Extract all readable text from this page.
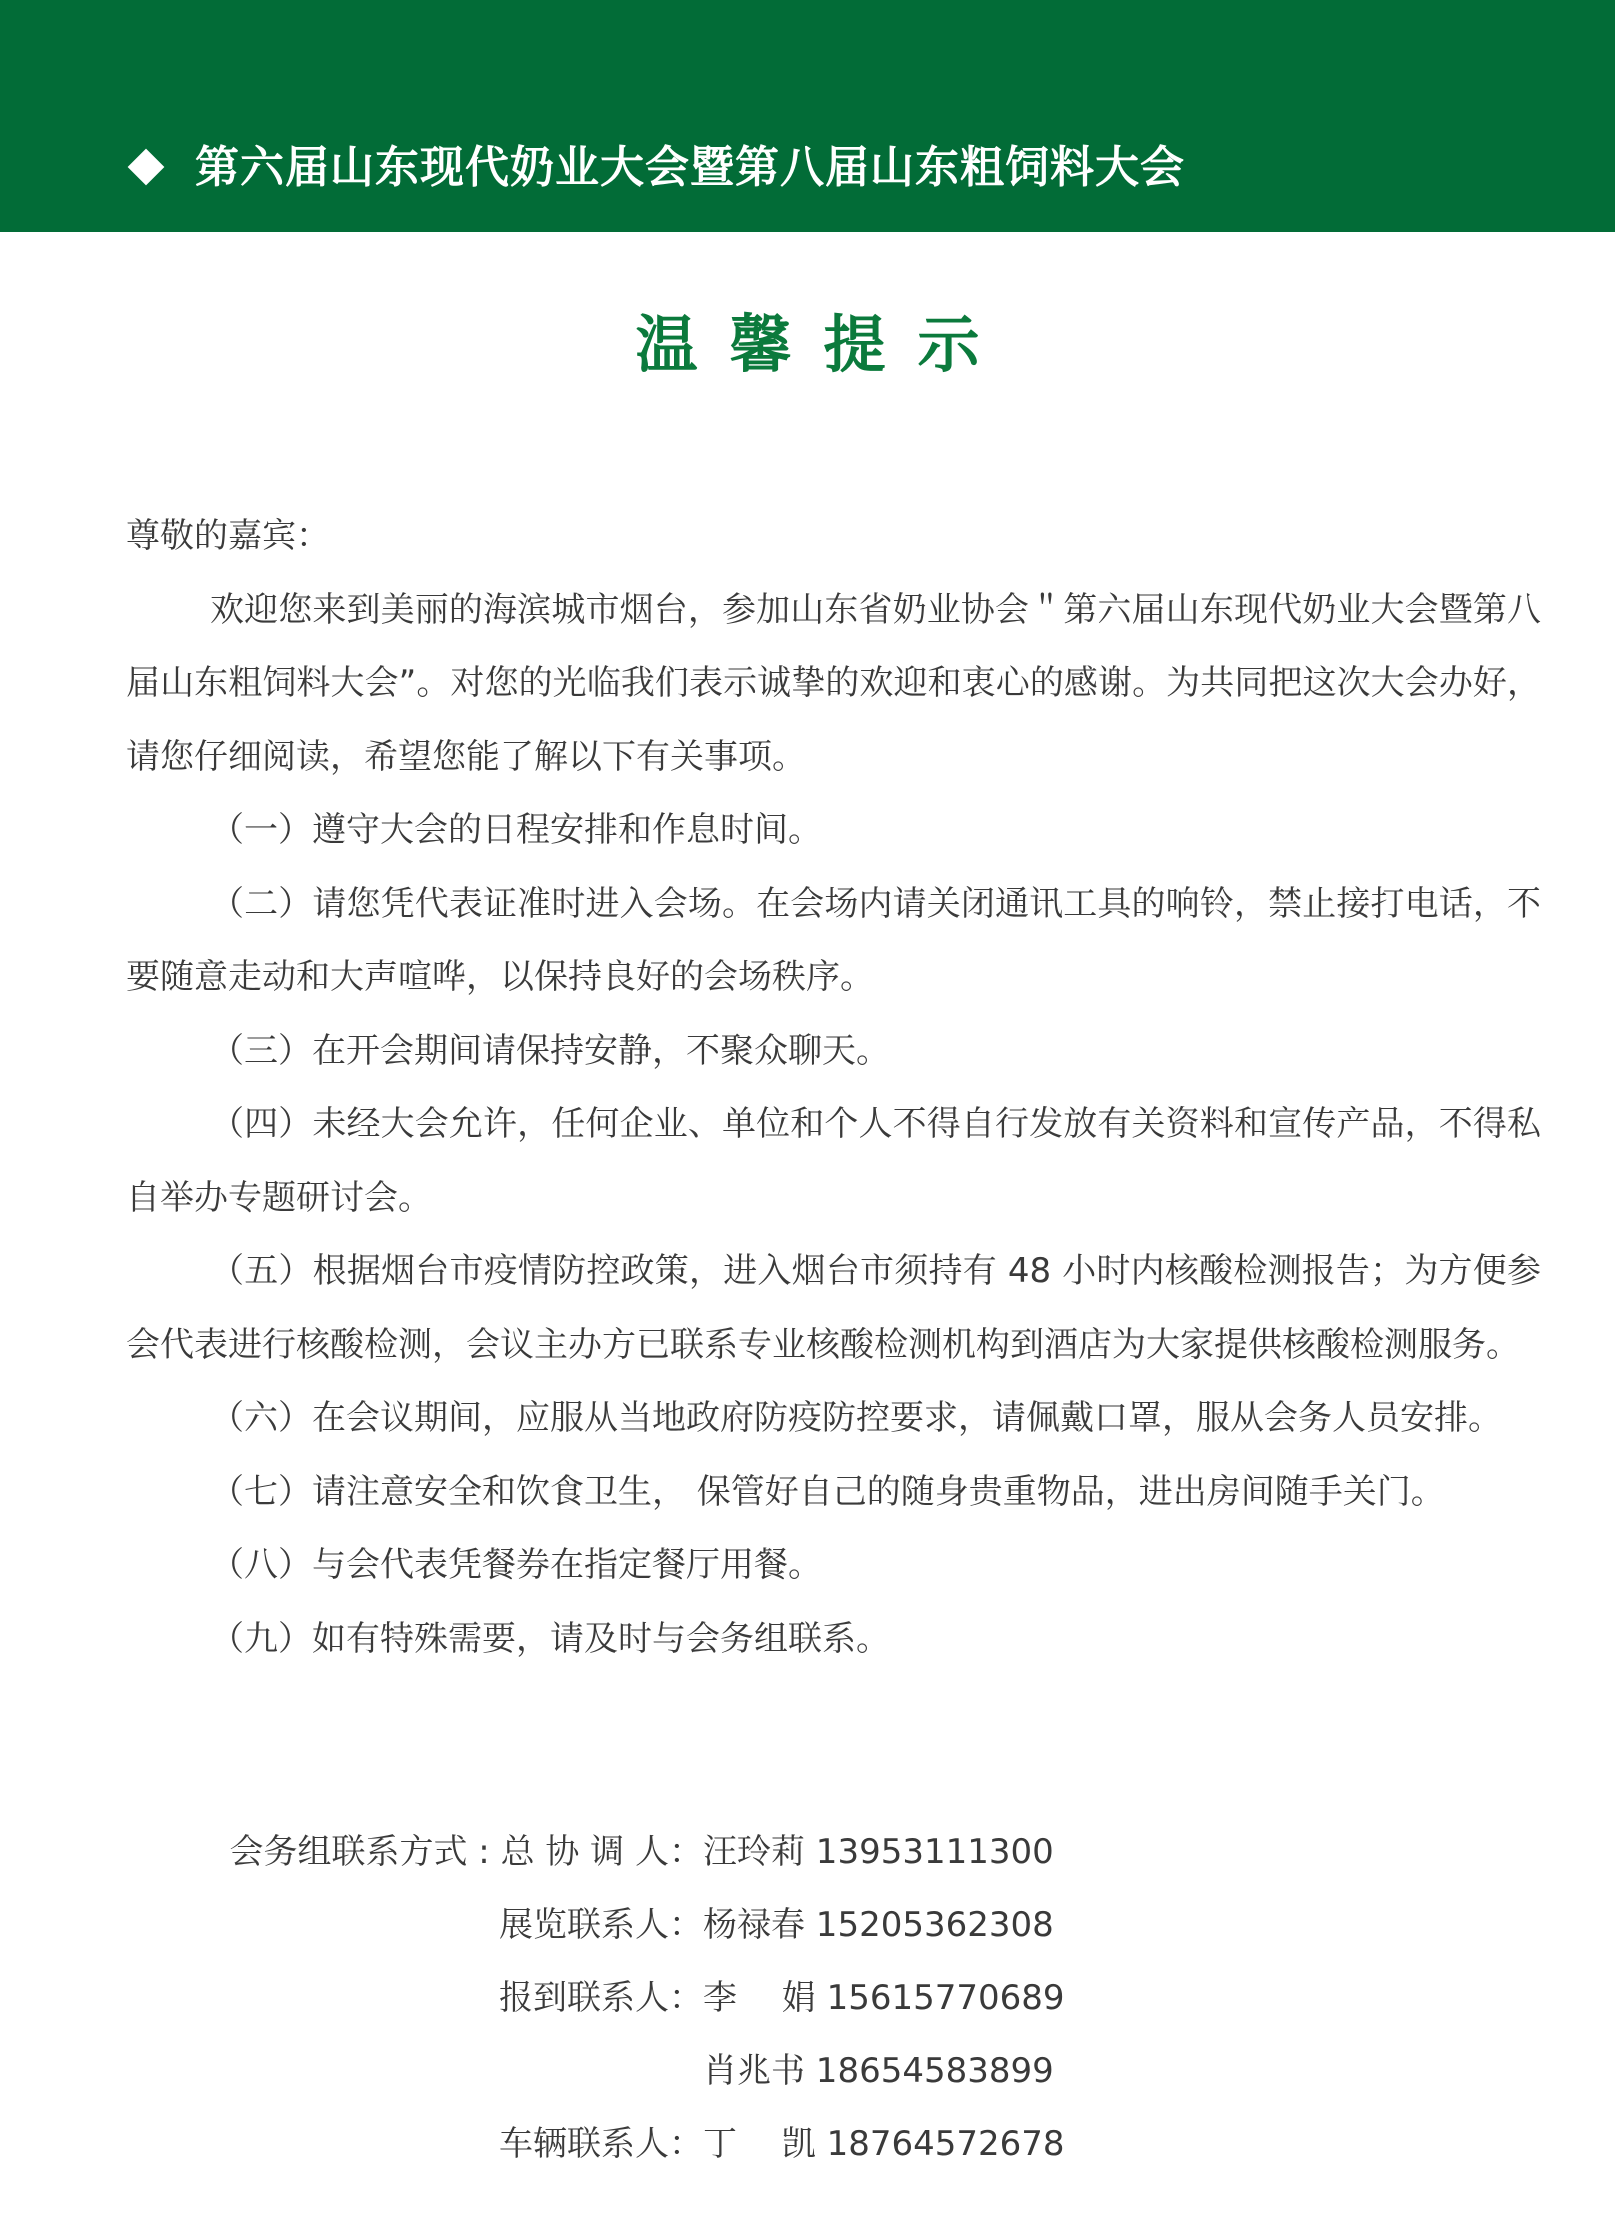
第六届山东现代奶业大会暨第八届山东粗饲料大会
温馨提示

尊敬的嘉宾：

欢迎您来到美丽的海滨城市烟台，参加山东省奶业协会＂第六届山东现代奶业大会暨第八届山东粗饲料大会”。对您的光临我们表示诚挚的欢迎和衷心的感谢。为共同把这次大会办好，请您仔细阅读，希望您能了解以下有关事项。

（一）遵守大会的日程安排和作息时间。

（二）请您凭代表证准时进入会场。在会场内请关闭通讯工具的响铃，禁止接打电话，不要随意走动和大声喧哗，以保持良好的会场秩序。

（三）在开会期间请保持安静，不聚众聊天。

（四）未经大会允许，任何企业、单位和个人不得自行发放有关资料和宣传产品，不得私自举办专题研讨会。

（五）根据烟台市疫情防控政策，进入烟台市须持有 48 小时内核酸检测报告；为方便参会代表进行核酸检测，会议主办方已联系专业核酸检测机构到酒店为大家提供核酸检测服务。

（六）在会议期间，应服从当地政府防疫防控要求，请佩戴口罩，服从会务人员安排。

（七）请注意安全和饮食卫生， 保管好自己的随身贵重物品，进出房间随手关门。

（八）与会代表凭餐券在指定餐厅用餐。

（九）如有特殊需要，请及时与会务组联系。

会务组联系方式 : 总 协 调 人： 汪玲莉 13953111300
展览联系人： 杨禄春 15205362308
报到联系人： 李　 娟 15615770689
肖兆书 18654583899
车辆联系人： 丁　 凯 18764572678
